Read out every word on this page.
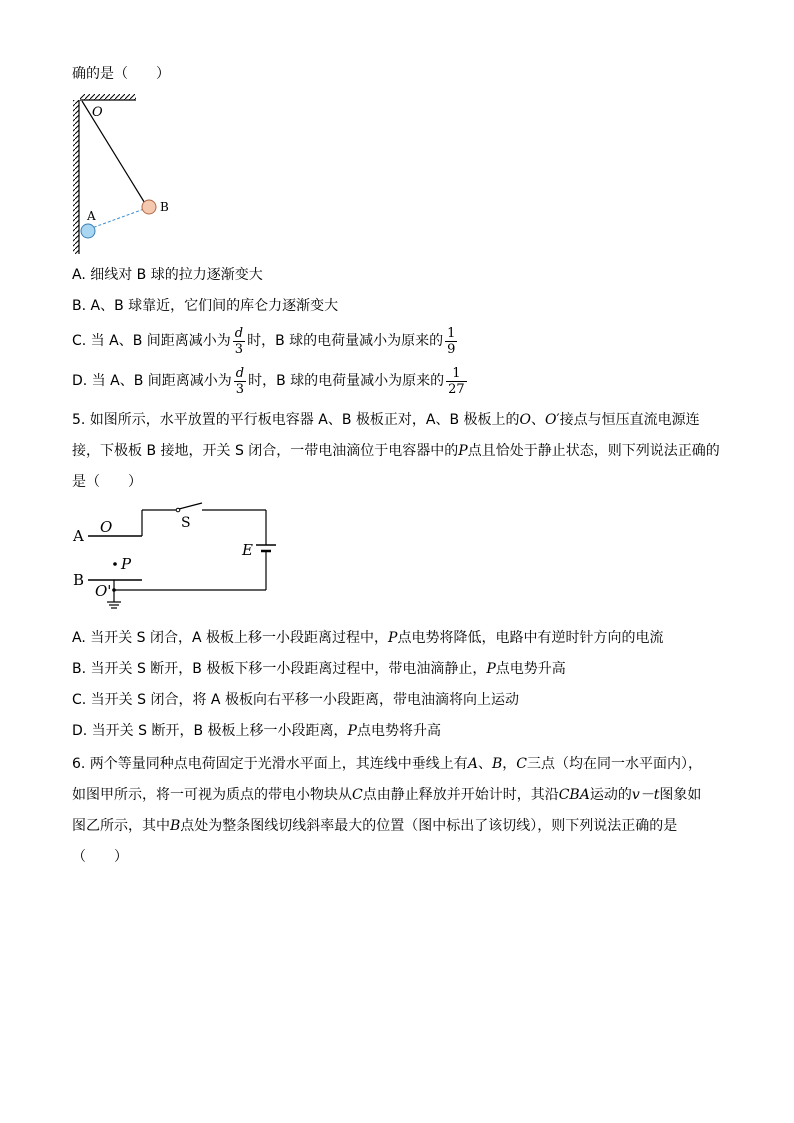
确的是（　　）
O
A
B
A. 细线对 B 球的拉力逐渐变大
B. A、B 球靠近，它们间的库仑力逐渐变大
C. 当 A、B 间距离减小为 $\frac{d}{3}$ 时，B 球的电荷量减小为原来的 $\frac{1}{9}$
D. 当 A、B 间距离减小为 $\frac{d}{3}$ 时，B 球的电荷量减小为原来的 $\frac{1}{27}$
5. 如图所示，水平放置的平行板电容器 A、B 极板正对，A、B 极板上的O、O′接点与恒压直流电源连
接，下极板 B 接地，开关 S 闭合，一带电油滴位于电容器中的P点且恰处于静止状态，则下列说法正确的
是（　　）
A
B
O
O'
P
S
E
A. 当开关 S 闭合，A 极板上移一小段距离过程中，P点电势将降低，电路中有逆时针方向的电流
B. 当开关 S 断开，B 极板下移一小段距离过程中，带电油滴静止，P点电势升高
C. 当开关 S 闭合，将 A 极板向右平移一小段距离，带电油滴将向上运动
D. 当开关 S 断开，B 极板上移一小段距离，P点电势将升高
6. 两个等量同种点电荷固定于光滑水平面上，其连线中垂线上有A、B，C三点（均在同一水平面内），
如图甲所示，将一可视为质点的带电小物块从C点由静止释放并开始计时，其沿CBA运动的v－t图象如
图乙所示，其中B点处为整条图线切线斜率最大的位置（图中标出了该切线），则下列说法正确的是
（　　）
